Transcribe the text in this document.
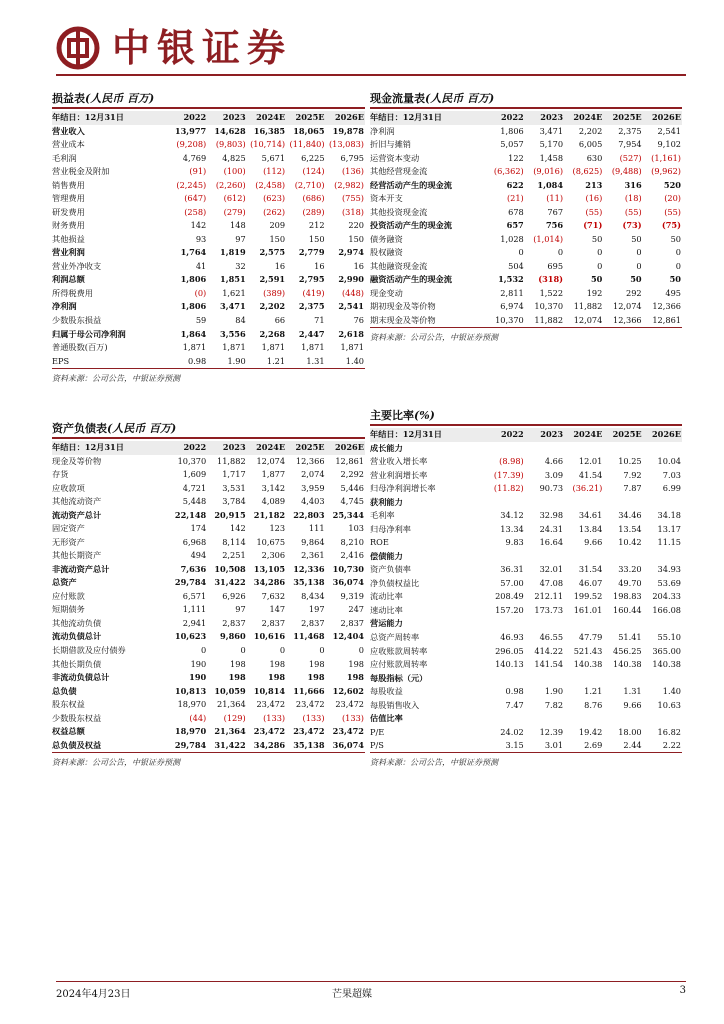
中银证券
损益表(人民币 百万)
年结日：12月31日	2022	2023	2024E	2025E	2026E
营业收入	13,977	14,628	16,385	18,065	19,878
营业成本	(9,208)	(9,803)	(10,714)	(11,840)	(13,083)
毛利润	4,769	4,825	5,671	6,225	6,795
营业税金及附加	(91)	(100)	(112)	(124)	(136)
销售费用	(2,245)	(2,260)	(2,458)	(2,710)	(2,982)
管理费用	(647)	(612)	(623)	(686)	(755)
研发费用	(258)	(279)	(262)	(289)	(318)
财务费用	142	148	209	212	220
其他损益	93	97	150	150	150
营业利润	1,764	1,819	2,575	2,779	2,974
营业外净收支	41	32	16	16	16
利润总额	1,806	1,851	2,591	2,795	2,990
所得税费用	(0)	1,621	(389)	(419)	(448)
净利润	1,806	3,471	2,202	2,375	2,541
少数股东损益	59	84	66	71	76
归属于母公司净利润	1,864	3,556	2,268	2,447	2,618
普通股数(百万)	1,871	1,871	1,871	1,871	1,871
EPS	0.98	1.90	1.21	1.31	1.40
资料来源：公司公告，中银证券预测
资产负债表(人民币 百万)
年结日：12月31日	2022	2023	2024E	2025E	2026E
现金及等价物	10,370	11,882	12,074	12,366	12,861
存货	1,609	1,717	1,877	2,074	2,292
应收款项	4,721	3,531	3,142	3,959	5,446
其他流动资产	5,448	3,784	4,089	4,403	4,745
流动资产总计	22,148	20,915	21,182	22,803	25,344
固定资产	174	142	123	111	103
无形资产	6,968	8,114	10,675	9,864	8,210
其他长期资产	494	2,251	2,306	2,361	2,416
非流动资产总计	7,636	10,508	13,105	12,336	10,730
总资产	29,784	31,422	34,286	35,138	36,074
应付账款	6,571	6,926	7,632	8,434	9,319
短期债务	1,111	97	147	197	247
其他流动负债	2,941	2,837	2,837	2,837	2,837
流动负债总计	10,623	9,860	10,616	11,468	12,404
长期借款及应付债券	0	0	0	0	0
其他长期负债	190	198	198	198	198
非流动负债总计	190	198	198	198	198
总负债	10,813	10,059	10,814	11,666	12,602
股东权益	18,970	21,364	23,472	23,472	23,472
少数股东权益	(44)	(129)	(133)	(133)	(133)
权益总额	18,970	21,364	23,472	23,472	23,472
总负债及权益	29,784	31,422	34,286	35,138	36,074
资料来源：公司公告，中银证券预测
现金流量表(人民币 百万)
年结日：12月31日	2022	2023	2024E	2025E	2026E
净利润	1,806	3,471	2,202	2,375	2,541
折旧与摊销	5,057	5,170	6,005	7,954	9,102
运营资本变动	122	1,458	630	(527)	(1,161)
其他经营现金流	(6,362)	(9,016)	(8,625)	(9,488)	(9,962)
经营活动产生的现金流	622	1,084	213	316	520
资本开支	(21)	(11)	(16)	(18)	(20)
其他投资现金流	678	767	(55)	(55)	(55)
投资活动产生的现金流	657	756	(71)	(73)	(75)
债务融资	1,028	(1,014)	50	50	50
股权融资	0	0	0	0	0
其他融资现金流	504	695	0	0	0
融资活动产生的现金流	1,532	(318)	50	50	50
现金变动	2,811	1,522	192	292	495
期初现金及等价物	6,974	10,370	11,882	12,074	12,366
期末现金及等价物	10,370	11,882	12,074	12,366	12,861
资料来源：公司公告，中银证券预测
主要比率(%)
年结日：12月31日	2022	2023	2024E	2025E	2026E
成长能力					
营业收入增长率	(8.98)	4.66	12.01	10.25	10.04
营业利润增长率	(17.39)	3.09	41.54	7.92	7.03
归母净利润增长率	(11.82)	90.73	(36.21)	7.87	6.99
获利能力					
毛利率	34.12	32.98	34.61	34.46	34.18
归母净利率	13.34	24.31	13.84	13.54	13.17
ROE	9.83	16.64	9.66	10.42	11.15
偿债能力					
资产负债率	36.31	32.01	31.54	33.20	34.93
净负债权益比	57.00	47.08	46.07	49.70	53.69
流动比率	208.49	212.11	199.52	198.83	204.33
速动比率	157.20	173.73	161.01	160.44	166.08
营运能力					
总资产周转率	46.93	46.55	47.79	51.41	55.10
应收账款周转率	296.05	414.22	521.43	456.25	365.00
应付账款周转率	140.13	141.54	140.38	140.38	140.38
每股指标（元）					
每股收益	0.98	1.90	1.21	1.31	1.40
每股销售收入	7.47	7.82	8.76	9.66	10.63
估值比率					
P/E	24.02	12.39	19.42	18.00	16.82
P/S	3.15	3.01	2.69	2.44	2.22
资料来源：公司公告，中银证券预测
2024年4月23日	芒果超媒	3
